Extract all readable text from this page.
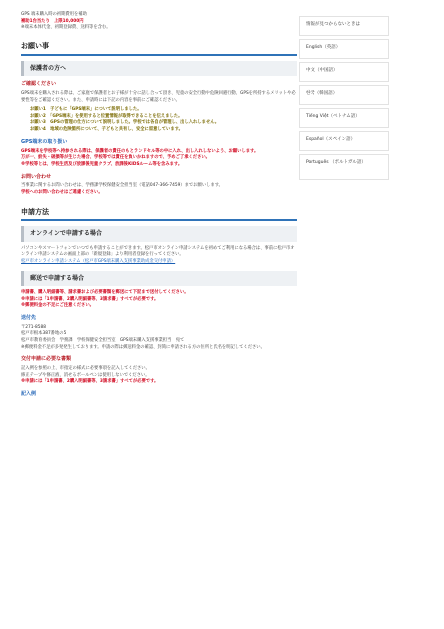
GPS 端末購入時の初期費用を補助

補助1台当たり　上限10,000円

※端末本体代金、初期登録費、送料等を含む。

お願い事
保護者の方へ
ご確認ください

GPS端末を購入される際は、ご家庭で保護者とお子様が十分に話し合って頂き、児童の安全行動や危険回避行動、GPSを所持するメリットや必要性等をご確認ください。また、申請時には下記の内容を事前にご確認ください。

お願い1　子どもに「GPS端末」について説明しました。

お願い2　「GPS端末」を使用すると位置情報が取得できることを伝えました。

お願い3　GPSの管理の仕方について説明しました。学校では各自が管理し、出し入れしません。

お願い4　地域の危険箇所について、子どもと共有し、安全に留意しています。

GPS端末の取り扱い

GPS端末を学校等へ持参される際は、保護者の責任のもとランドセル等の中に入れ、出し入れしないよう、お願いします。

万が一、紛失・破損等が生じた場合、学校等では責任を負いかねますので、予めご了承ください。

※学校等とは、学校生活及び放課後児童クラブ、放課後KIDSルーム等を含みます。

お問い合わせ

当事業に関するお問い合わせは、学務課学校保健安全担当室（電話047-366-7459）までお願いします。

学校へのお問い合わせはご遠慮ください。

申請方法
オンラインで申請する場合

パソコンやスマートフォンでいつでも申請することができます。松戸市オンライン申請システムを初めてご利用になる場合は、事前に松戸市オンライン申請システムの画面上部の「新規登録」より利用者登録を行ってください。

松戸市オンライン申請システム（松戸市GPS端末購入支援事業助成金交付申請）

郵送で申請する場合

申請書、購入明細書等、請求書および必要書類を郵送にて下記まで送付してください。

※申請には「1申請書、2購入明細書等、3請求書」すべてが必要です。

※郵便料金の不足にご注意ください。

送付先

〒271-8588

松戸市根本387番地の5

松戸市教育委員会　学務課　学校保健安全担当室　GPS端末購入支援事業担当　宛て

※郵便料金不足が多発発生しております。申請の際は郵送料金の確認、封筒に申請される方の住所と氏名を明記してください。

交付申請に必要な書類

記入例を参照の上、市指定の様式に必要事項を記入してください。

修正テープや修正液、消せるボールペンは使用しないでください。

※申請には「1申請書、2購入明細書等、3請求書」すべてが必要です。

記入例
情報が見つからないときは
English（英語）
中文（中国語）
한국（韓国語）
Tiếng Việt（ベトナム語）
Español（スペイン語）
Português （ポルトガル語）
